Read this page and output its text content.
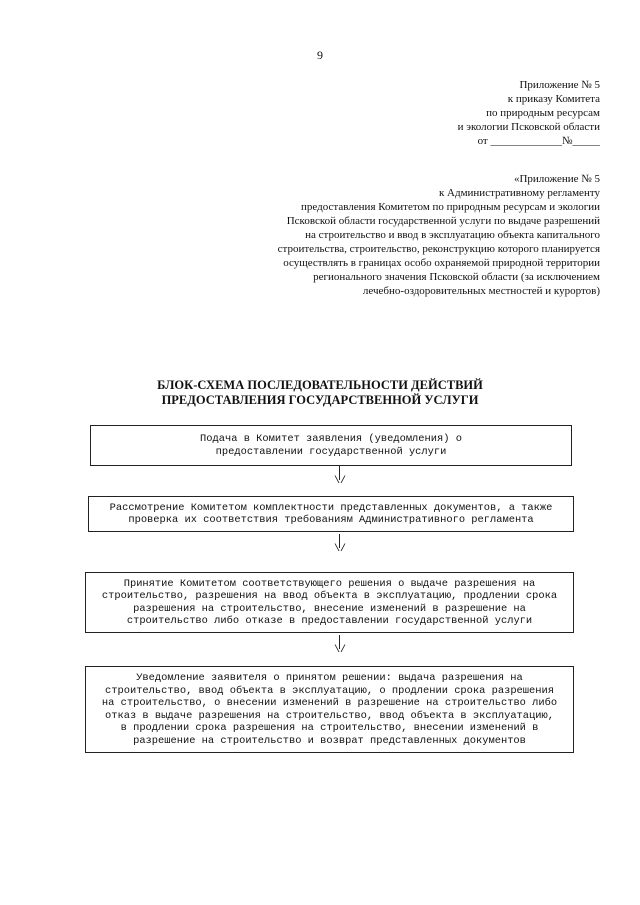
9
Приложение № 5
к приказу Комитета
по природным ресурсам
и экологии Псковской области
от _____________№_____
«Приложение № 5
к Административному регламенту
предоставления Комитетом по природным ресурсам и экологии
Псковской области государственной услуги по выдаче разрешений
на строительство и ввод в эксплуатацию объекта капитального
строительства, строительство, реконструкцию которого планируется
осуществлять в границах особо охраняемой природной территории
регионального значения Псковской области (за исключением
лечебно-оздоровительных местностей и курортов)
БЛОК-СХЕМА ПОСЛЕДОВАТЕЛЬНОСТИ ДЕЙСТВИЙ
ПРЕДОСТАВЛЕНИЯ ГОСУДАРСТВЕННОЙ УСЛУГИ
Подача в Комитет заявления (уведомления) о
предоставлении государственной услуги
\/
Рассмотрение Комитетом комплектности представленных документов, а также
проверка их соответствия требованиям Административного регламента
\/
Принятие Комитетом соответствующего решения о выдаче разрешения на
строительство, разрешения на ввод объекта в эксплуатацию, продлении срока
разрешения на строительство, внесение изменений в разрешение на
строительство либо отказе в предоставлении государственной услуги
\/
Уведомление заявителя о принятом решении: выдача разрешения на
строительство, ввод объекта в эксплуатацию, о продлении срока разрешения
на строительство, о внесении изменений в разрешение на строительство либо
отказ в выдаче разрешения на строительство, ввод объекта в эксплуатацию,
в продлении срока разрешения на строительство, внесении изменений в
разрешение на строительство и возврат представленных документов
